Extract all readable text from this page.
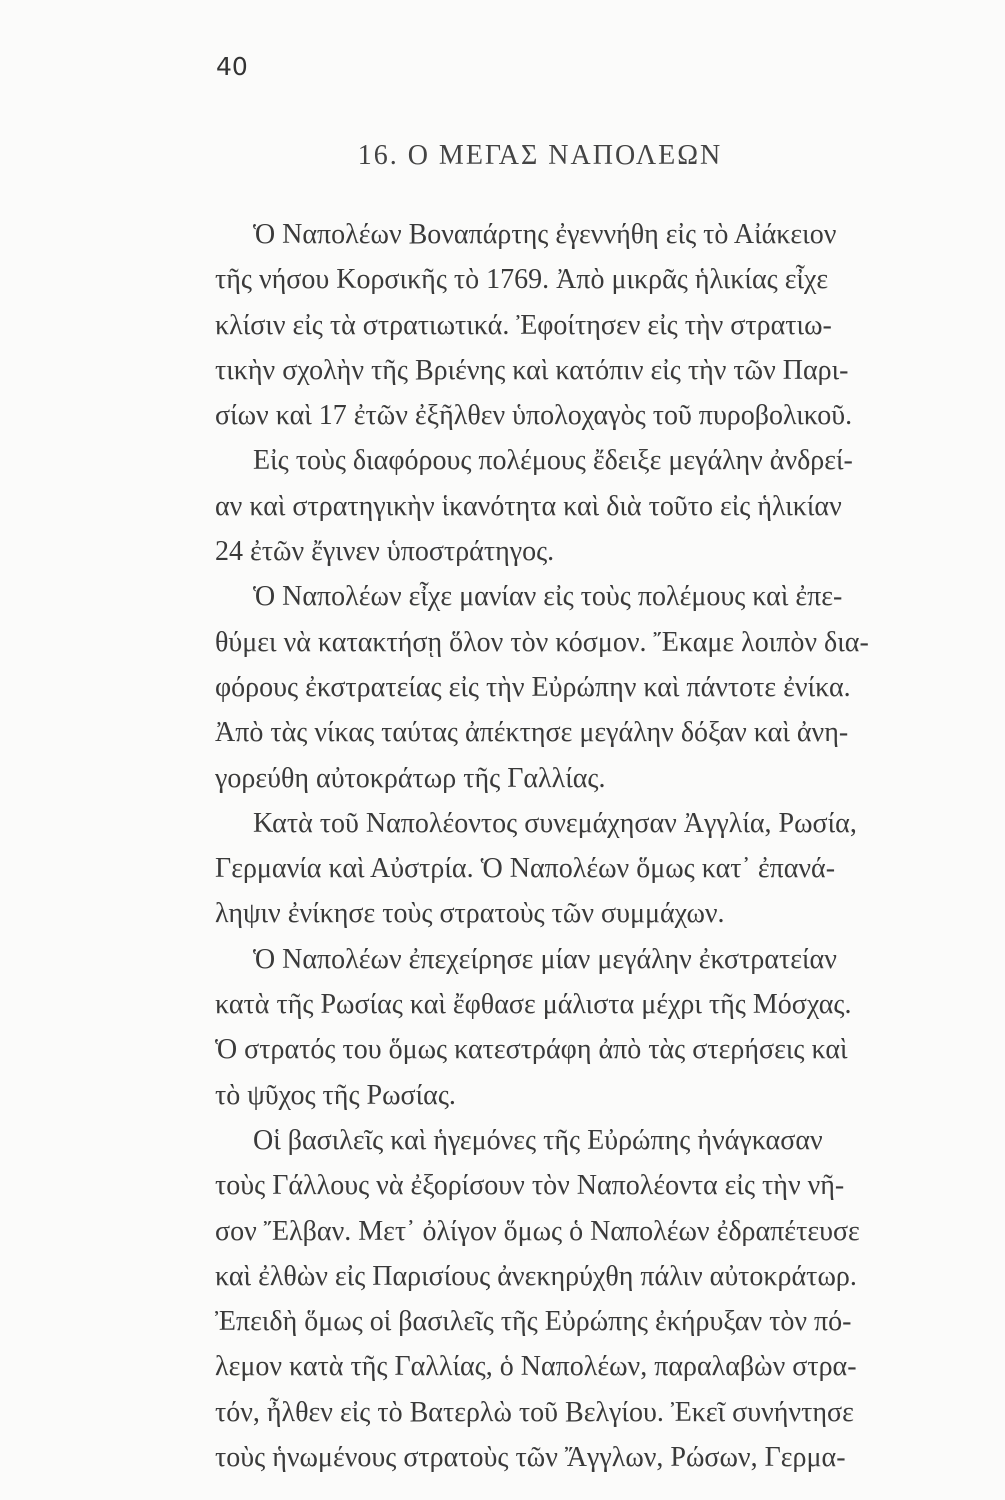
40
16. Ο ΜΕΓΑΣ ΝΑΠΟΛΕΩΝ
Ὁ Ναπολέων Βοναπάρτης ἐγεννήθη εἰς τὸ Αἰάκειον
τῆς νήσου Κορσικῆς τὸ 1769. Ἀπὸ μικρᾶς ἡλικίας εἶχε
κλίσιν εἰς τὰ στρατιωτικά. Ἐφοίτησεν εἰς τὴν στρατιω-
τικὴν σχολὴν τῆς Βριένης καὶ κατόπιν εἰς τὴν τῶν Παρι-
σίων καὶ 17 ἐτῶν ἐξῆλθεν ὑπολοχαγὸς τοῦ πυροβολικοῦ.
Εἰς τοὺς διαφόρους πολέμους ἔδειξε μεγάλην ἀνδρεί-
αν καὶ στρατηγικὴν ἱκανότητα καὶ διὰ τοῦτο εἰς ἡλικίαν
24 ἐτῶν ἔγινεν ὑποστράτηγος.
Ὁ Ναπολέων εἶχε μανίαν εἰς τοὺς πολέμους καὶ ἐπε-
θύμει νὰ κατακτήσῃ ὅλον τὸν κόσμον. Ἔκαμε λοιπὸν δια-
φόρους ἐκστρατείας εἰς τὴν Εὐρώπην καὶ πάντοτε ἐνίκα.
Ἀπὸ τὰς νίκας ταύτας ἀπέκτησε μεγάλην δόξαν καὶ ἀνη-
γορεύθη αὐτοκράτωρ τῆς Γαλλίας.
Κατὰ τοῦ Ναπολέοντος συνεμάχησαν Ἀγγλία, Ρωσία,
Γερμανία καὶ Αὐστρία. Ὁ Ναπολέων ὅμως κατ᾽ ἐπανά-
ληψιν ἐνίκησε τοὺς στρατοὺς τῶν συμμάχων.
Ὁ Ναπολέων ἐπεχείρησε μίαν μεγάλην ἐκστρατείαν
κατὰ τῆς Ρωσίας καὶ ἔφθασε μάλιστα μέχρι τῆς Μόσχας.
Ὁ στρατός του ὅμως κατεστράφη ἀπὸ τὰς στερήσεις καὶ
τὸ ψῦχος τῆς Ρωσίας.
Οἱ βασιλεῖς καὶ ἡγεμόνες τῆς Εὐρώπης ἠνάγκασαν
τοὺς Γάλλους νὰ ἐξορίσουν τὸν Ναπολέοντα εἰς τὴν νῆ-
σον Ἔλβαν. Μετ᾽ ὀλίγον ὅμως ὁ Ναπολέων ἐδραπέτευσε
καὶ ἐλθὼν εἰς Παρισίους ἀνεκηρύχθη πάλιν αὐτοκράτωρ.
Ἐπειδὴ ὅμως οἱ βασιλεῖς τῆς Εὐρώπης ἐκήρυξαν τὸν πό-
λεμον κατὰ τῆς Γαλλίας, ὁ Ναπολέων, παραλαβὼν στρα-
τόν, ἦλθεν εἰς τὸ Βατερλὼ τοῦ Βελγίου. Ἐκεῖ συνήντησε
τοὺς ἡνωμένους στρατοὺς τῶν Ἄγγλων, Ρώσων, Γερμα-
